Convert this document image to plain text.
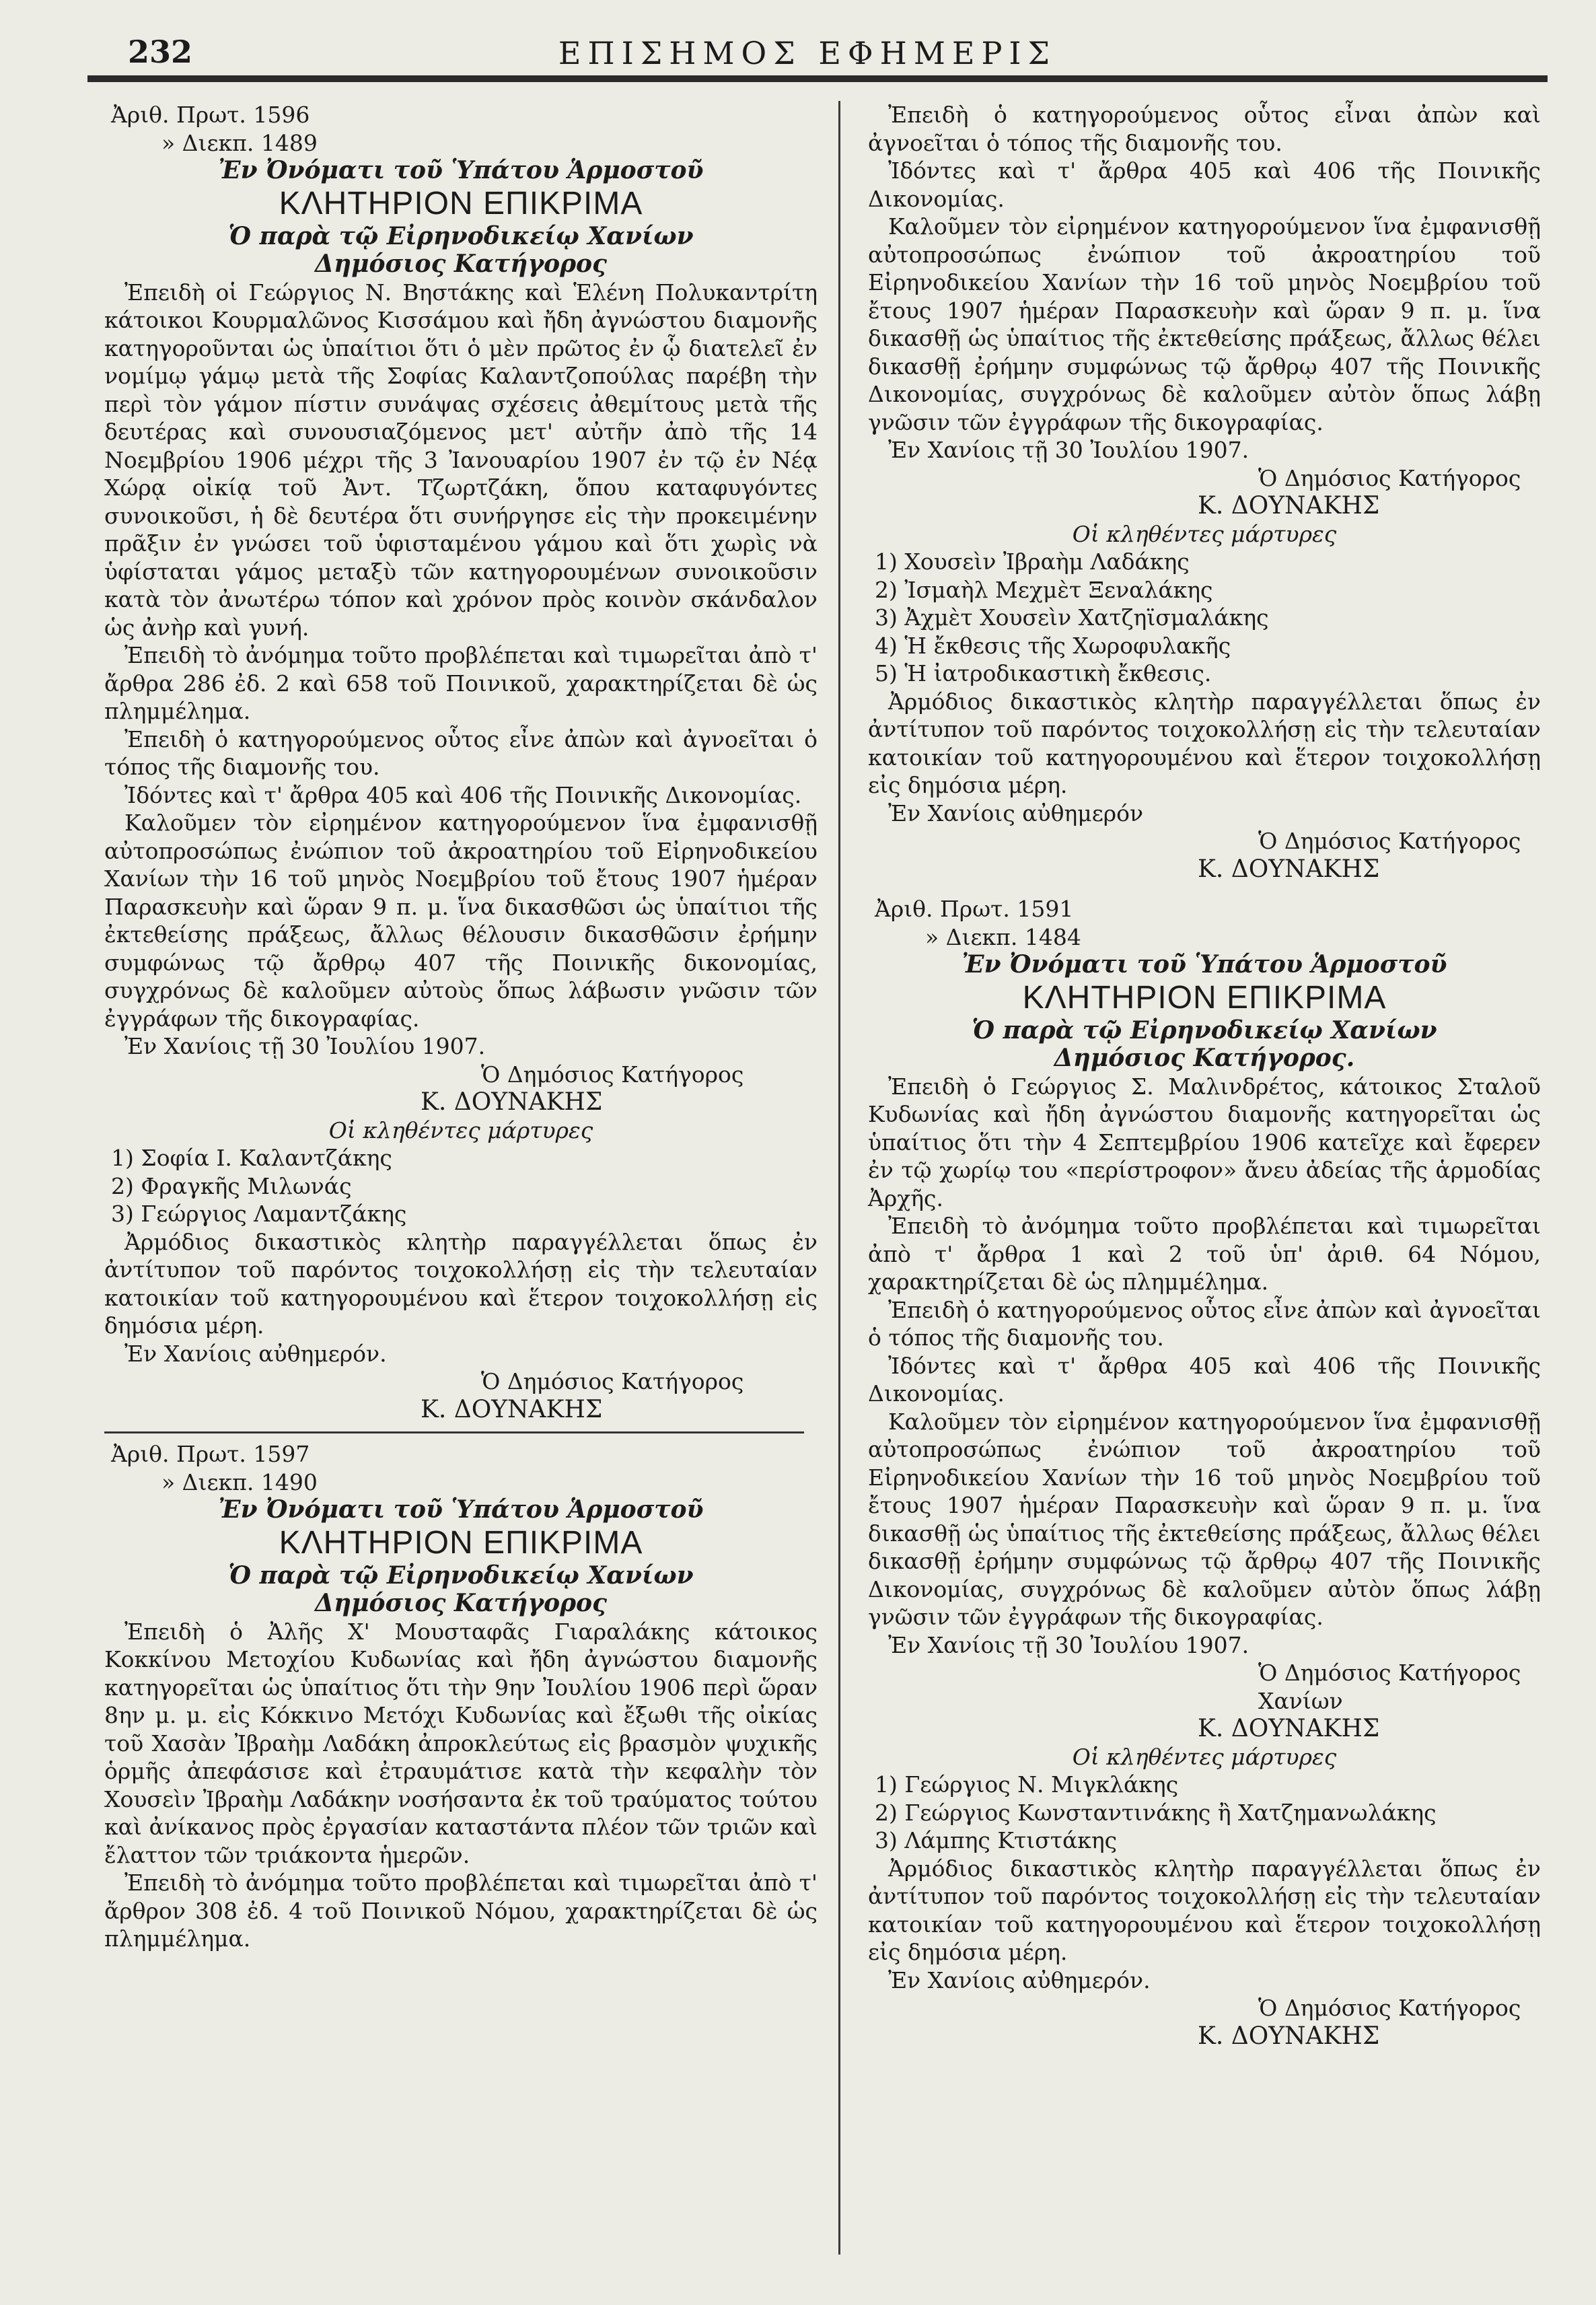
232	ΕΠΙΣΗΜΟΣ ΕΦΗΜΕΡΙΣ
Ἀριθ. Πρωτ. 1596
» Διεκπ. 1489
Ἐν Ὀνόματι τοῦ Ὑπάτου Ἁρμοστοῦ
ΚΛΗΤΗΡΙΟΝ ΕΠΙΚΡΙΜΑ
Ὁ παρὰ τῷ Εἰρηνοδικείῳ Χανίων
Δημόσιος Κατήγορος

Ἐπειδὴ οἱ Γεώργιος Ν. Βηστάκης καὶ Ἑλένη Πολυκαντρίτη κάτοικοι Κουρμαλῶνος Κισσάμου καὶ ἤδη ἀγνώστου διαμονῆς κατηγοροῦνται ὡς ὑπαίτιοι ὅτι ὁ μὲν πρῶτος ἐν ᾧ διατελεῖ ἐν νομίμῳ γάμῳ μετὰ τῆς Σοφίας Καλαντζοπούλας παρέβη τὴν περὶ τὸν γάμον πίστιν συνάψας σχέσεις ἀθεμίτους μετὰ τῆς δευτέρας καὶ συνουσιαζόμενος μετ' αὐτῆν ἀπὸ τῆς 14 Νοεμβρίου 1906 μέχρι τῆς 3 Ἰανουαρίου 1907 ἐν τῷ ἐν Νέᾳ Χώρᾳ οἰκίᾳ τοῦ Ἀντ. Τζωρτζάκη, ὅπου καταφυγόντες συνοικοῦσι, ἡ δὲ δευτέρα ὅτι συνήργησε εἰς τὴν προκειμένην πρᾶξιν ἐν γνώσει τοῦ ὑφισταμένου γάμου καὶ ὅτι χωρὶς νὰ ὑφίσταται γάμος μεταξὺ τῶν κατηγορουμένων συνοικοῦσιν κατὰ τὸν ἀνωτέρω τόπον καὶ χρόνον πρὸς κοινὸν σκάνδαλον ὡς ἀνὴρ καὶ γυνή.

Ἐπειδὴ τὸ ἀνόμημα τοῦτο προβλέπεται καὶ τιμωρεῖται ἀπὸ τ' ἄρθρα 286 ἐδ. 2 καὶ 658 τοῦ Ποινικοῦ, χαρακτηρίζεται δὲ ὡς πλημμέλημα.

Ἐπειδὴ ὁ κατηγορούμενος οὗτος εἶνε ἀπὼν καὶ ἀγνοεῖται ὁ τόπος τῆς διαμονῆς του.

Ἰδόντες καὶ τ' ἄρθρα 405 καὶ 406 τῆς Ποινικῆς Δικονομίας.

Καλοῦμεν τὸν εἰρημένον κατηγορούμενον ἵνα ἐμφανισθῇ αὐτοπροσώπως ἐνώπιον τοῦ ἀκροατηρίου τοῦ Εἰρηνοδικείου Χανίων τὴν 16 τοῦ μηνὸς Νοεμβρίου τοῦ ἔτους 1907 ἡμέραν Παρασκευὴν καὶ ὥραν 9 π. μ. ἵνα δικασθῶσι ὡς ὑπαίτιοι τῆς ἐκτεθείσης πράξεως, ἄλλως θέλουσιν δικασθῶσιν ἐρήμην συμφώνως τῷ ἄρθρῳ 407 τῆς Ποινικῆς δικονομίας, συγχρόνως δὲ καλοῦμεν αὐτοὺς ὅπως λάβωσιν γνῶσιν τῶν ἐγγράφων τῆς δικογραφίας.

Ἐν Χανίοις τῇ 30 Ἰουλίου 1907.

Ὁ Δημόσιος Κατήγορος
Κ. ΔΟΥΝΑΚΗΣ
Οἱ κληθέντες μάρτυρες
1) Σοφία Ι. Καλαντζάκης
2) Φραγκῆς Μιλωνάς
3) Γεώργιος Λαμαντζάκης

Ἀρμόδιος δικαστικὸς κλητὴρ παραγγέλλεται ὅπως ἐν ἀντίτυπον τοῦ παρόντος τοιχοκολλήσῃ εἰς τὴν τελευταίαν κατοικίαν τοῦ κατηγορουμένου καὶ ἕτερον τοιχοκολλήσῃ εἰς δημόσια μέρη.

Ἐν Χανίοις αὐθημερόν.

Ὁ Δημόσιος Κατήγορος
Κ. ΔΟΥΝΑΚΗΣ
Ἀριθ. Πρωτ. 1597
» Διεκπ. 1490
Ἐν Ὀνόματι τοῦ Ὑπάτου Ἁρμοστοῦ
ΚΛΗΤΗΡΙΟΝ ΕΠΙΚΡΙΜΑ
Ὁ παρὰ τῷ Εἰρηνοδικείῳ Χανίων
Δημόσιος Κατήγορος

Ἐπειδὴ ὁ Ἀλῆς Χ' Μουσταφᾶς Γιαραλάκης κάτοικος Κοκκίνου Μετοχίου Κυδωνίας καὶ ἤδη ἀγνώστου διαμονῆς κατηγορεῖται ὡς ὑπαίτιος ὅτι τὴν 9ην Ἰουλίου 1906 περὶ ὥραν 8ην μ. μ. εἰς Κόκκινο Μετόχι Κυδωνίας καὶ ἔξωθι τῆς οἰκίας τοῦ Χασὰν Ἰβραὴμ Λαδάκη ἀπροκλεύτως εἰς βρασμὸν ψυχικῆς ὁρμῆς ἀπεφάσισε καὶ ἐτραυμάτισε κατὰ τὴν κεφαλὴν τὸν Χουσεὶν Ἰβραὴμ Λαδάκην νοσήσαντα ἐκ τοῦ τραύματος τούτου καὶ ἀνίκανος πρὸς ἐργασίαν καταστάντα πλέον τῶν τριῶν καὶ ἔλαττον τῶν τριάκοντα ἡμερῶν.

Ἐπειδὴ τὸ ἀνόμημα τοῦτο προβλέπεται καὶ τιμωρεῖται ἀπὸ τ' ἄρθρον 308 ἐδ. 4 τοῦ Ποινικοῦ Νόμου, χαρακτηρίζεται δὲ ὡς πλημμέλημα.

Ἐπειδὴ ὁ κατηγορούμενος οὗτος εἶναι ἀπὼν καὶ ἀγνοεῖται ὁ τόπος τῆς διαμονῆς του.

Ἰδόντες καὶ τ' ἄρθρα 405 καὶ 406 τῆς Ποινικῆς Δικονομίας.

Καλοῦμεν τὸν εἰρημένον κατηγορούμενον ἵνα ἐμφανισθῇ αὐτοπροσώπως ἐνώπιον τοῦ ἀκροατηρίου τοῦ Εἰρηνοδικείου Χανίων τὴν 16 τοῦ μηνὸς Νοεμβρίου τοῦ ἔτους 1907 ἡμέραν Παρασκευὴν καὶ ὥραν 9 π. μ. ἵνα δικασθῇ ὡς ὑπαίτιος τῆς ἐκτεθείσης πράξεως, ἄλλως θέλει δικασθῇ ἐρήμην συμφώνως τῷ ἄρθρῳ 407 τῆς Ποινικῆς Δικονομίας, συγχρόνως δὲ καλοῦμεν αὐτὸν ὅπως λάβῃ γνῶσιν τῶν ἐγγράφων τῆς δικογραφίας.

Ἐν Χανίοις τῇ 30 Ἰουλίου 1907.

Ὁ Δημόσιος Κατήγορος
Κ. ΔΟΥΝΑΚΗΣ
Οἱ κληθέντες μάρτυρες
1) Χουσεὶν Ἰβραὴμ Λαδάκης
2) Ἰσμαὴλ Μεχμὲτ Ξεναλάκης
3) Ἀχμὲτ Χουσεὶν Χατζηϊσμαλάκης
4) Ἡ ἔκθεσις τῆς Χωροφυλακῆς
5) Ἡ ἰατροδικαστικὴ ἔκθεσις.

Ἀρμόδιος δικαστικὸς κλητὴρ παραγγέλλεται ὅπως ἐν ἀντίτυπον τοῦ παρόντος τοιχοκολλήσῃ εἰς τὴν τελευταίαν κατοικίαν τοῦ κατηγορουμένου καὶ ἕτερον τοιχοκολλήσῃ εἰς δημόσια μέρη.

Ἐν Χανίοις αὐθημερόν

Ὁ Δημόσιος Κατήγορος
Κ. ΔΟΥΝΑΚΗΣ
Ἀριθ. Πρωτ. 1591
» Διεκπ. 1484
Ἐν Ὀνόματι τοῦ Ὑπάτου Ἁρμοστοῦ
ΚΛΗΤΗΡΙΟΝ ΕΠΙΚΡΙΜΑ
Ὁ παρὰ τῷ Εἰρηνοδικείῳ Χανίων
Δημόσιος Κατήγορος.

Ἐπειδὴ ὁ Γεώργιος Σ. Μαλινδρέτος, κάτοικος Σταλοῦ Κυδωνίας καὶ ἤδη ἀγνώστου διαμονῆς κατηγορεῖται ὡς ὑπαίτιος ὅτι τὴν 4 Σεπτεμβρίου 1906 κατεῖχε καὶ ἔφερεν ἐν τῷ χωρίῳ του «περίστροφον» ἄνευ ἀδείας τῆς ἁρμοδίας Ἀρχῆς.

Ἐπειδὴ τὸ ἀνόμημα τοῦτο προβλέπεται καὶ τιμωρεῖται ἀπὸ τ' ἄρθρα 1 καὶ 2 τοῦ ὑπ' ἀριθ. 64 Νόμου, χαρακτηρίζεται δὲ ὡς πλημμέλημα.

Ἐπειδὴ ὁ κατηγορούμενος οὗτος εἶνε ἀπὼν καὶ ἀγνοεῖται ὁ τόπος τῆς διαμονῆς του.

Ἰδόντες καὶ τ' ἄρθρα 405 καὶ 406 τῆς Ποινικῆς Δικονομίας.

Καλοῦμεν τὸν εἰρημένον κατηγορούμενον ἵνα ἐμφανισθῇ αὐτοπροσώπως ἐνώπιον τοῦ ἀκροατηρίου τοῦ Εἰρηνοδικείου Χανίων τὴν 16 τοῦ μηνὸς Νοεμβρίου τοῦ ἔτους 1907 ἡμέραν Παρασκευὴν καὶ ὥραν 9 π. μ. ἵνα δικασθῇ ὡς ὑπαίτιος τῆς ἐκτεθείσης πράξεως, ἄλλως θέλει δικασθῇ ἐρήμην συμφώνως τῷ ἄρθρῳ 407 τῆς Ποινικῆς Δικονομίας, συγχρόνως δὲ καλοῦμεν αὐτὸν ὅπως λάβῃ γνῶσιν τῶν ἐγγράφων τῆς δικογραφίας.

Ἐν Χανίοις τῇ 30 Ἰουλίου 1907.

Ὁ Δημόσιος Κατήγορος Χανίων
Κ. ΔΟΥΝΑΚΗΣ
Οἱ κληθέντες μάρτυρες
1) Γεώργιος Ν. Μιγκλάκης
2) Γεώργιος Κωνσταντινάκης ἢ Χατζημανωλάκης
3) Λάμπης Κτιστάκης

Ἀρμόδιος δικαστικὸς κλητὴρ παραγγέλλεται ὅπως ἐν ἀντίτυπον τοῦ παρόντος τοιχοκολλήσῃ εἰς τὴν τελευταίαν κατοικίαν τοῦ κατηγορουμένου καὶ ἕτερον τοιχοκολλήσῃ εἰς δημόσια μέρη.

Ἐν Χανίοις αὐθημερόν.

Ὁ Δημόσιος Κατήγορος
Κ. ΔΟΥΝΑΚΗΣ
